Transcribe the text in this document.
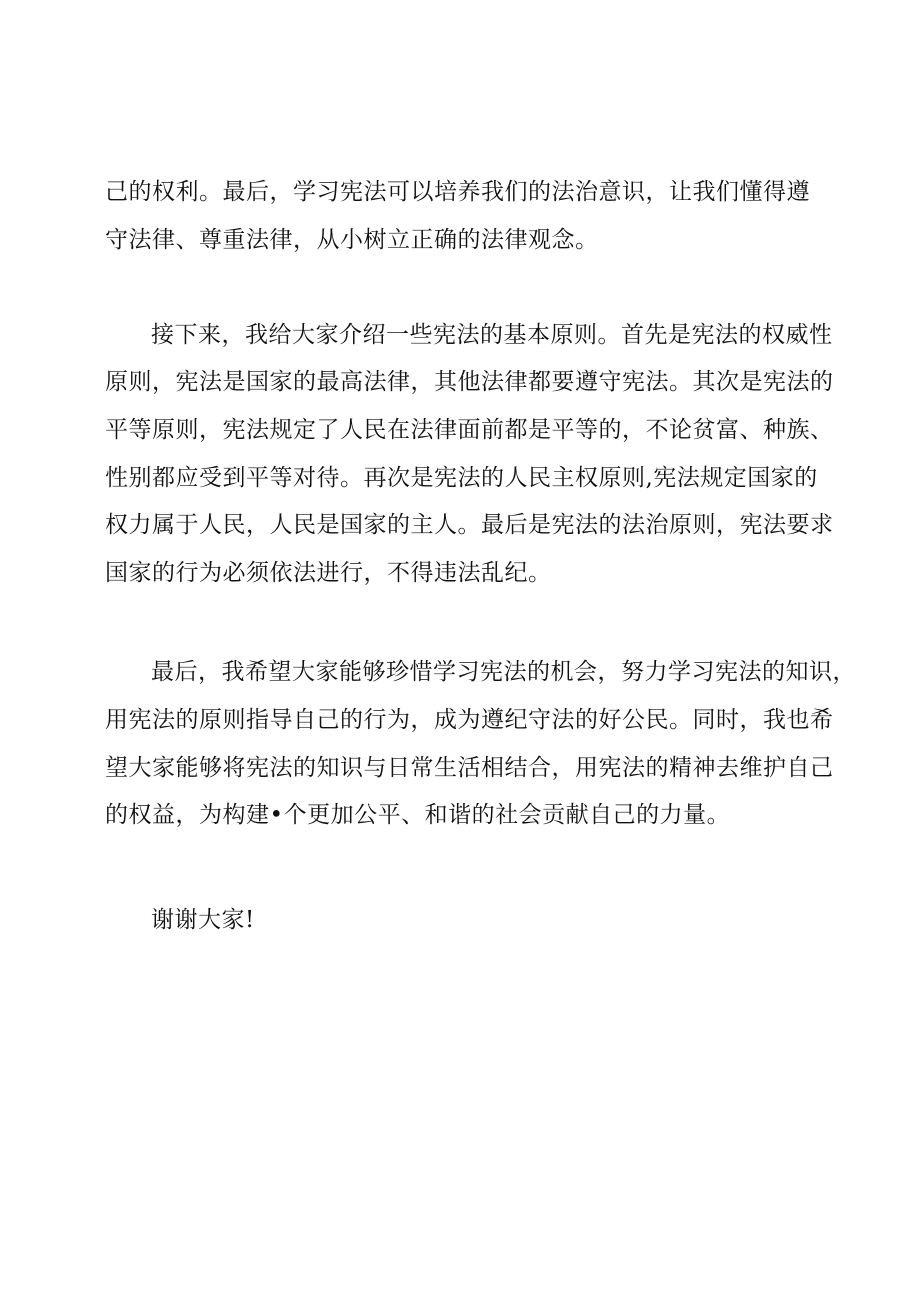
己的权利。最后，学习宪法可以培养我们的法治意识，让我们懂得遵
守法律、尊重法律，从小树立正确的法律观念。
接下来，我给大家介绍一些宪法的基本原则。首先是宪法的权威性
原则，宪法是国家的最高法律，其他法律都要遵守宪法。其次是宪法的
平等原则，宪法规定了人民在法律面前都是平等的，不论贫富、种族、
性别都应受到平等对待。再次是宪法的人民主权原则,宪法规定国家的
权力属于人民，人民是国家的主人。最后是宪法的法治原则，宪法要求
国家的行为必须依法进行，不得违法乱纪。
最后，我希望大家能够珍惜学习宪法的机会，努力学习宪法的知识，
用宪法的原则指导自己的行为，成为遵纪守法的好公民。同时，我也希
望大家能够将宪法的知识与日常生活相结合，用宪法的精神去维护自己
的权益，为构建•个更加公平、和谐的社会贡献自己的力量。
谢谢大家!
